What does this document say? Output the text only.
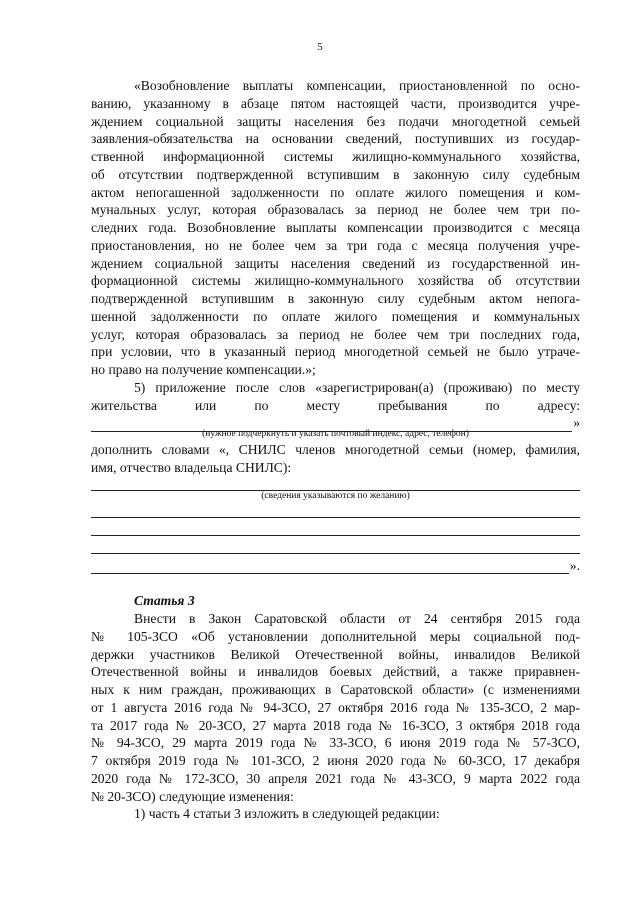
5

«Возобновление выплаты компенсации, приостановленной по осно-

ванию, указанному в абзаце пятом настоящей части, производится учре-

ждением социальной защиты населения без подачи многодетной семьей

заявления-обязательства на основании сведений, поступивших из государ-

ственной информационной системы жилищно-коммунального хозяйства,

об отсутствии подтвержденной вступившим в законную силу судебным

актом непогашенной задолженности по оплате жилого помещения и ком-

мунальных услуг, которая образовалась за период не более чем три по-

следних года. Возобновление выплаты компенсации производится с месяца

приостановления, но не более чем за три года с месяца получения учре-

ждением социальной защиты населения сведений из государственной ин-

формационной системы жилищно-коммунального хозяйства об отсутствии

подтвержденной вступившим в законную силу судебным актом непога-

шенной задолженности по оплате жилого помещения и коммунальных

услуг, которая образовалась за период не более чем три последних года,

при условии, что в указанный период многодетной семьей не было утраче-

но право на получение компенсации.»;

5) приложение после слов «зарегистрирован(а) (проживаю) по месту

жительства или по месту пребывания по адресу:

»

(нужное подчеркнуть и указать почтовый индекс, адрес, телефон)

дополнить словами «, СНИЛС членов многодетной семьи (номер, фамилия,

имя, отчество владельца СНИЛС):

(сведения указываются по желанию)

».

Статья 3

Внести в Закон Саратовской области от 24 сентября 2015 года

№ 105-ЗСО «Об установлении дополнительной меры социальной под-

держки участников Великой Отечественной войны, инвалидов Великой

Отечественной войны и инвалидов боевых действий, а также приравнен-

ных к ним граждан, проживающих в Саратовской области» (с изменениями

от 1 августа 2016 года № 94-ЗСО, 27 октября 2016 года № 135-ЗСО, 2 мар-

та 2017 года № 20-ЗСО, 27 марта 2018 года № 16-ЗСО, 3 октября 2018 года

№ 94-ЗСО, 29 марта 2019 года № 33-ЗСО, 6 июня 2019 года № 57-ЗСО,

7 октября 2019 года № 101-ЗСО, 2 июня 2020 года № 60-ЗСО, 17 декабря

2020 года № 172-ЗСО, 30 апреля 2021 года № 43-ЗСО, 9 марта 2022 года

№ 20-ЗСО) следующие изменения:

1) часть 4 статьи 3 изложить в следующей редакции:
